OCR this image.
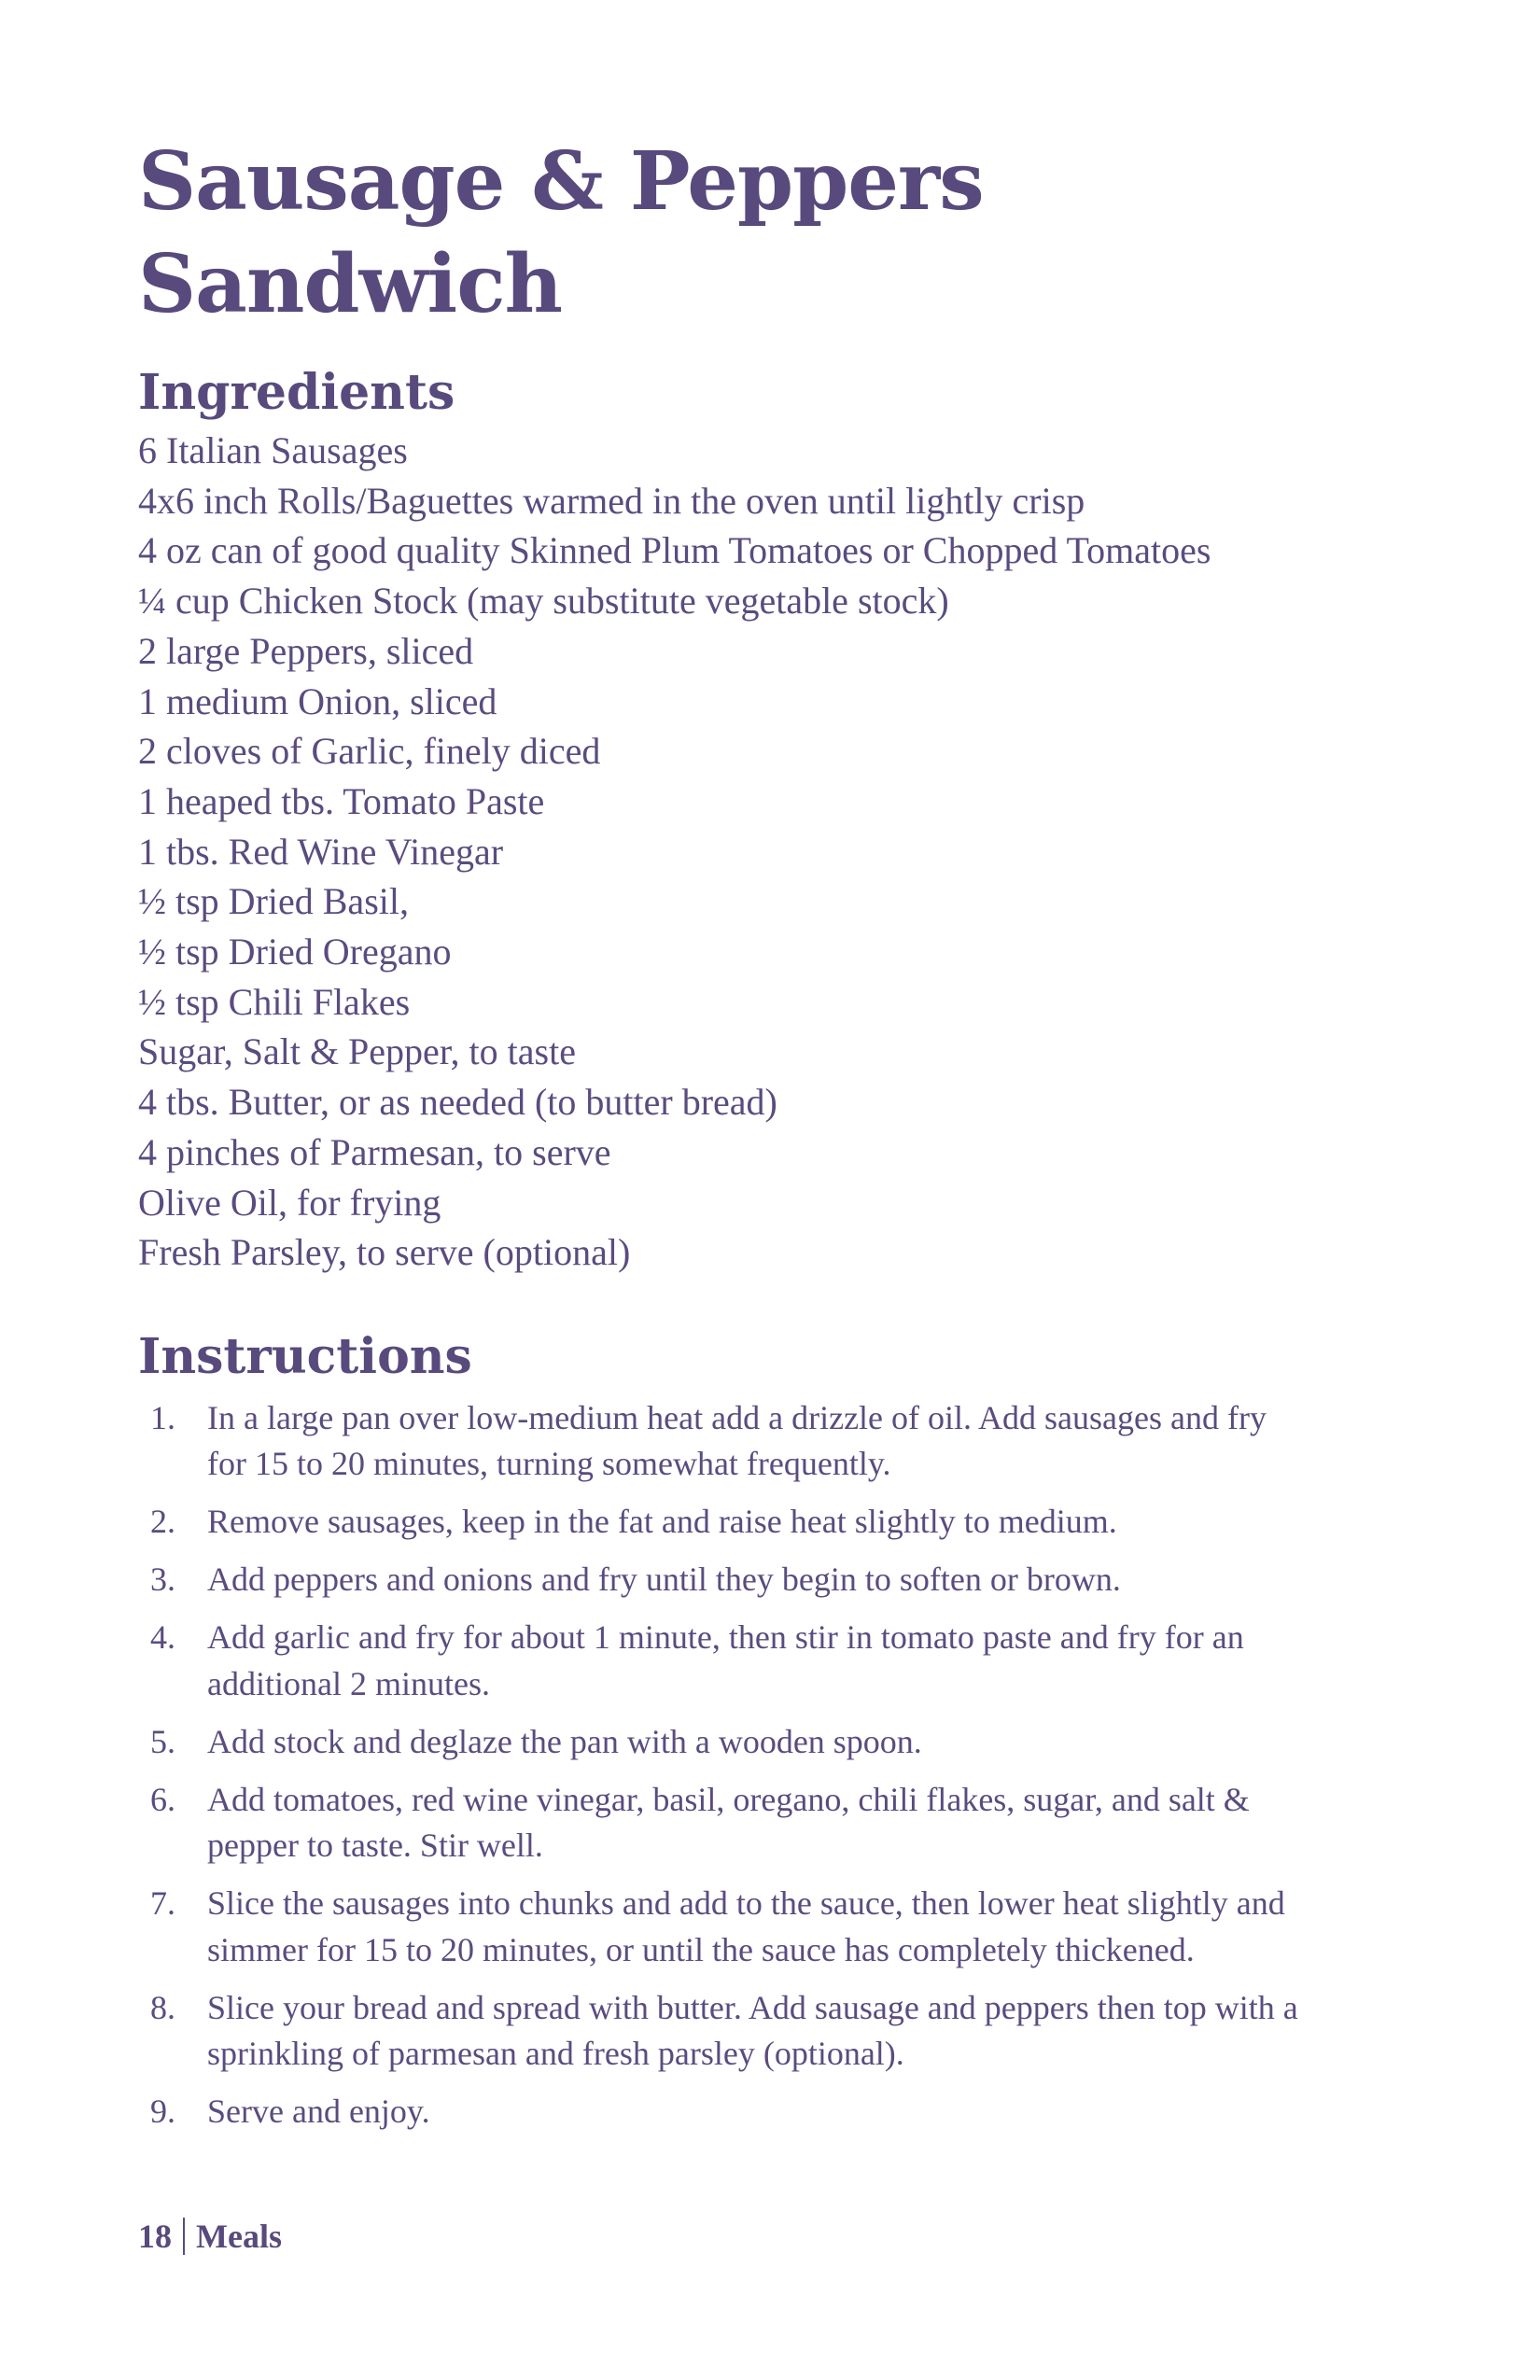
Sausage & Peppers Sandwich
Ingredients
6 Italian Sausages
4x6 inch Rolls/Baguettes warmed in the oven until lightly crisp
4 oz can of good quality Skinned Plum Tomatoes or Chopped Tomatoes
¼ cup Chicken Stock (may substitute vegetable stock)
2 large Peppers, sliced
1 medium Onion, sliced
2 cloves of Garlic, finely diced
1 heaped tbs. Tomato Paste
1 tbs. Red Wine Vinegar
½ tsp Dried Basil,
½ tsp Dried Oregano
½ tsp Chili Flakes
Sugar, Salt & Pepper, to taste
4 tbs. Butter, or as needed (to butter bread)
4 pinches of Parmesan, to serve
Olive Oil, for frying
Fresh Parsley, to serve (optional)
Instructions
1. In a large pan over low-medium heat add a drizzle of oil. Add sausages and fry for 15 to 20 minutes, turning somewhat frequently.
2. Remove sausages, keep in the fat and raise heat slightly to medium.
3. Add peppers and onions and fry until they begin to soften or brown.
4. Add garlic and fry for about 1 minute, then stir in tomato paste and fry for an additional 2 minutes.
5. Add stock and deglaze the pan with a wooden spoon.
6. Add tomatoes, red wine vinegar, basil, oregano, chili flakes, sugar, and salt & pepper to taste. Stir well.
7. Slice the sausages into chunks and add to the sauce, then lower heat slightly and simmer for 15 to 20 minutes, or until the sauce has completely thickened.
8. Slice your bread and spread with butter. Add sausage and peppers then top with a sprinkling of parmesan and fresh parsley (optional).
9. Serve and enjoy.
18 Meals
